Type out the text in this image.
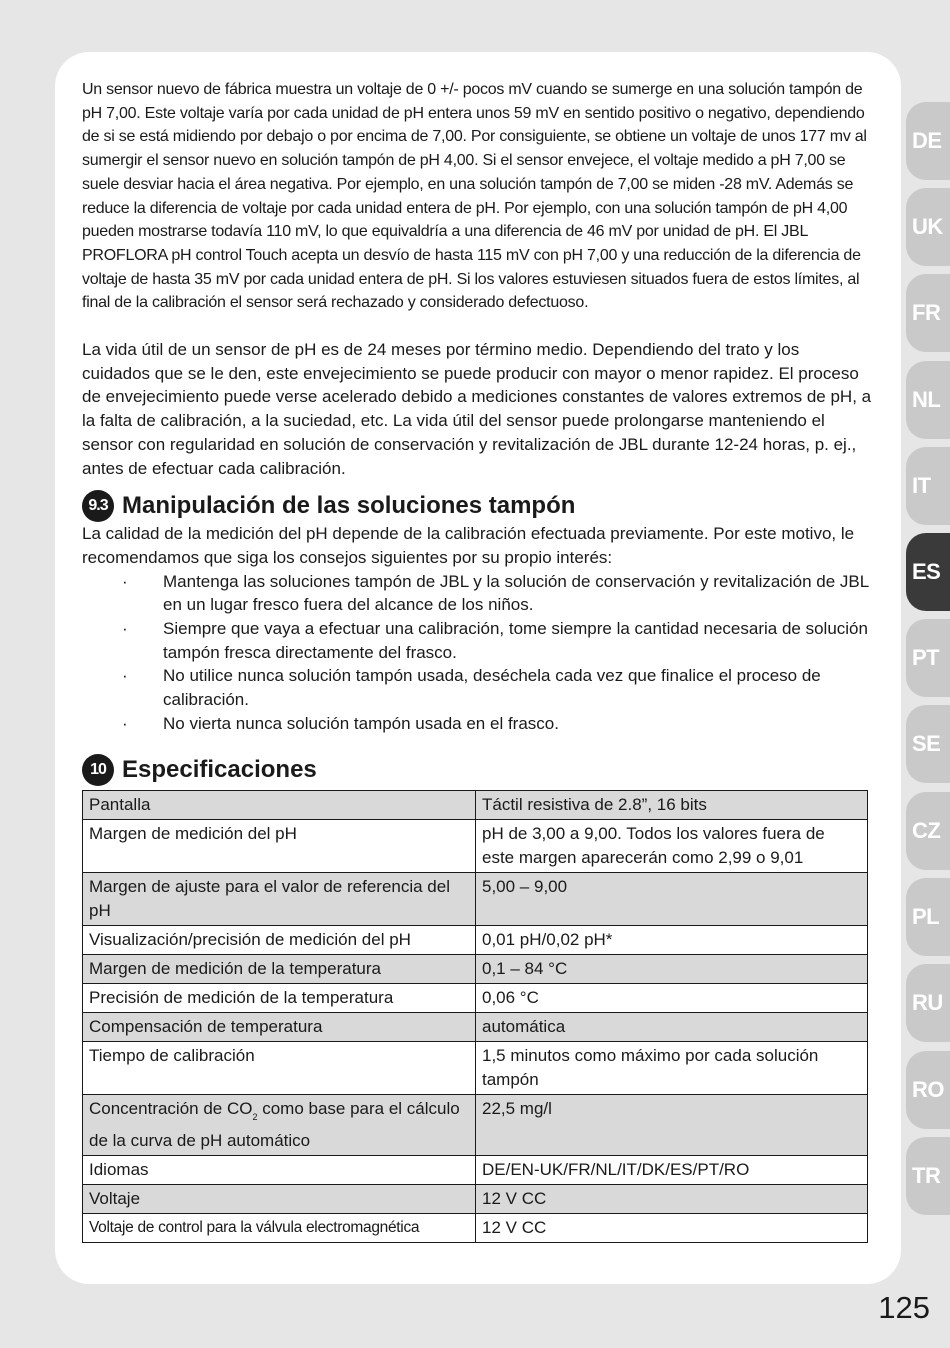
Un sensor nuevo de fábrica muestra un voltaje de 0 +/- pocos mV cuando se sumerge en una solución tampón de pH 7,00. Este voltaje varía por cada unidad de pH entera unos 59 mV en sentido positivo o negativo, dependiendo de si se está midiendo por debajo o por encima de 7,00. Por consiguiente, se obtiene un voltaje de unos 177 mv al sumergir el sensor nuevo en solución tampón de pH 4,00. Si el sensor envejece, el voltaje medido a pH 7,00 se suele desviar hacia el área negativa. Por ejemplo, en una solución tampón de 7,00 se miden -28 mV. Además se reduce la diferencia de voltaje por cada unidad entera de pH. Por ejemplo, con una solución tampón de pH 4,00 pueden mostrarse todavía 110 mV, lo que equivaldría a una diferencia de 46 mV por unidad de pH. El JBL PROFLORA pH control Touch acepta un desvío de hasta 115 mV con pH 7,00 y una reducción de la diferencia de voltaje de hasta 35 mV por cada unidad entera de pH. Si los valores estuviesen situados fuera de estos límites, al final de la calibración el sensor será rechazado y considerado defectuoso.

La vida útil de un sensor de pH es de 24 meses por término medio. Dependiendo del trato y los cuidados que se le den, este envejecimiento se puede producir con mayor o menor rapidez. El proceso de envejecimiento puede verse acelerado debido a mediciones constantes de valores extremos de pH, a la falta de calibración, a la suciedad, etc. La vida útil del sensor puede prolongarse manteniendo el sensor con regularidad en solución de conservación y revitalización de JBL durante 12-24 horas, p. ej., antes de efectuar cada calibración.

9.3 Manipulación de las soluciones tampón

La calidad de la medición del pH depende de la calibración efectuada previamente. Por este motivo, le recomendamos que siga los consejos siguientes por su propio interés:

· Mantenga las soluciones tampón de JBL y la solución de conservación y revitalización de JBL en un lugar fresco fuera del alcance de los niños.
· Siempre que vaya a efectuar una calibración, tome siempre la cantidad necesaria de solución tampón fresca directamente del frasco.
· No utilice nunca solución tampón usada, deséchela cada vez que finalice el proceso de calibración.
· No vierta nunca solución tampón usada en el frasco.
10 Especificaciones
Pantalla	Táctil resistiva de 2.8”, 16 bits
Margen de medición del pH	pH de 3,00 a 9,00. Todos los valores fuera de este margen aparecerán como 2,99 o 9,01
Margen de ajuste para el valor de referencia del pH	5,00 – 9,00
Visualización/precisión de medición del pH	0,01 pH/0,02 pH*
Margen de medición de la temperatura	0,1 – 84 °C
Precisión de medición de la temperatura	0,06 °C
Compensación de temperatura	automática
Tiempo de calibración	1,5 minutos como máximo por cada solución tampón
Concentración de $CO_2$ como base para el cálculo de la curva de pH automático	22,5 mg/l
Idiomas	DE/EN-UK/FR/NL/IT/DK/ES/PT/RO
Voltaje	12 V CC
Voltaje de control para la válvula electromagnética	12 V CC
DE
UK
FR
NL
IT
ES
PT
SE
CZ
PL
RU
RO
TR
125
